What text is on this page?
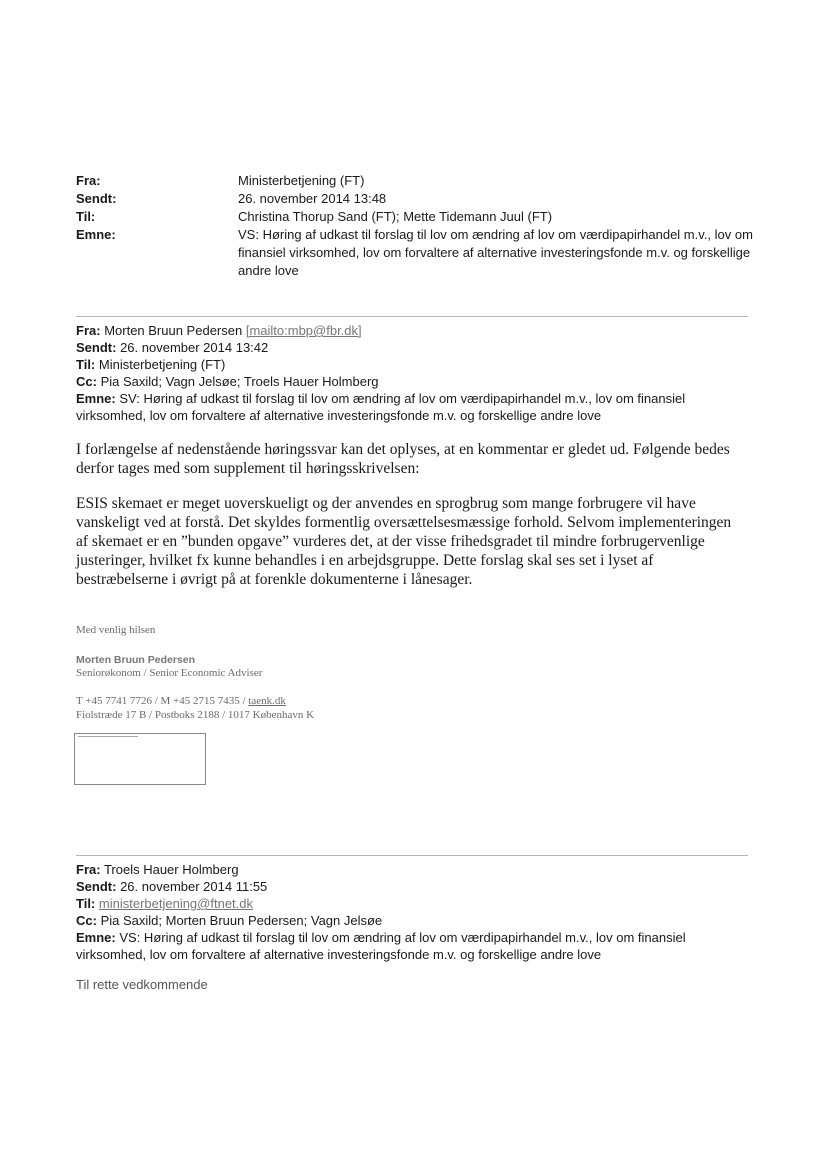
Fra:	Ministerbetjening (FT)
Sendt:	26. november 2014 13:48
Til:	Christina Thorup Sand (FT); Mette Tidemann Juul (FT)
Emne:	VS: Høring af udkast til forslag til lov om ændring af lov om værdipapirhandel m.v., lov om finansiel virksomhed, lov om forvaltere af alternative investeringsfonde m.v. og forskellige andre love
Fra: Morten Bruun Pedersen [mailto:mbp@fbr.dk]
Sendt: 26. november 2014 13:42
Til: Ministerbetjening (FT)
Cc: Pia Saxild; Vagn Jelsøe; Troels Hauer Holmberg
Emne: SV: Høring af udkast til forslag til lov om ændring af lov om værdipapirhandel m.v., lov om finansiel virksomhed, lov om forvaltere af alternative investeringsfonde m.v. og forskellige andre love
I forlængelse af nedenstående høringssvar kan det oplyses, at en kommentar er gledet ud. Følgende bedes derfor tages med som supplement til høringsskrivelsen:
ESIS skemaet er meget uoverskueligt og der anvendes en sprogbrug som mange forbrugere vil have vanskeligt ved at forstå. Det skyldes formentlig oversættelsesmæssige forhold. Selvom implementeringen af skemaet er en ”bunden opgave” vurderes det, at der visse frihedsgradet til mindre forbrugervenlige justeringer, hvilket fx kunne behandles i en arbejdsgruppe. Dette forslag skal ses set i lyset af bestræbelserne i øvrigt på at forenkle dokumenterne i lånesager.
Med venlig hilsen
Morten Bruun Pedersen
Seniorøkonom / Senior Economic Adviser
T +45 7741 7726 / M +45 2715 7435 / taenk.dk
Fiolstræde 17 B / Postboks 2188 / 1017 København K
Fra: Troels Hauer Holmberg
Sendt: 26. november 2014 11:55
Til: ministerbetjening@ftnet.dk
Cc: Pia Saxild; Morten Bruun Pedersen; Vagn Jelsøe
Emne: VS: Høring af udkast til forslag til lov om ændring af lov om værdipapirhandel m.v., lov om finansiel virksomhed, lov om forvaltere af alternative investeringsfonde m.v. og forskellige andre love
Til rette vedkommende
